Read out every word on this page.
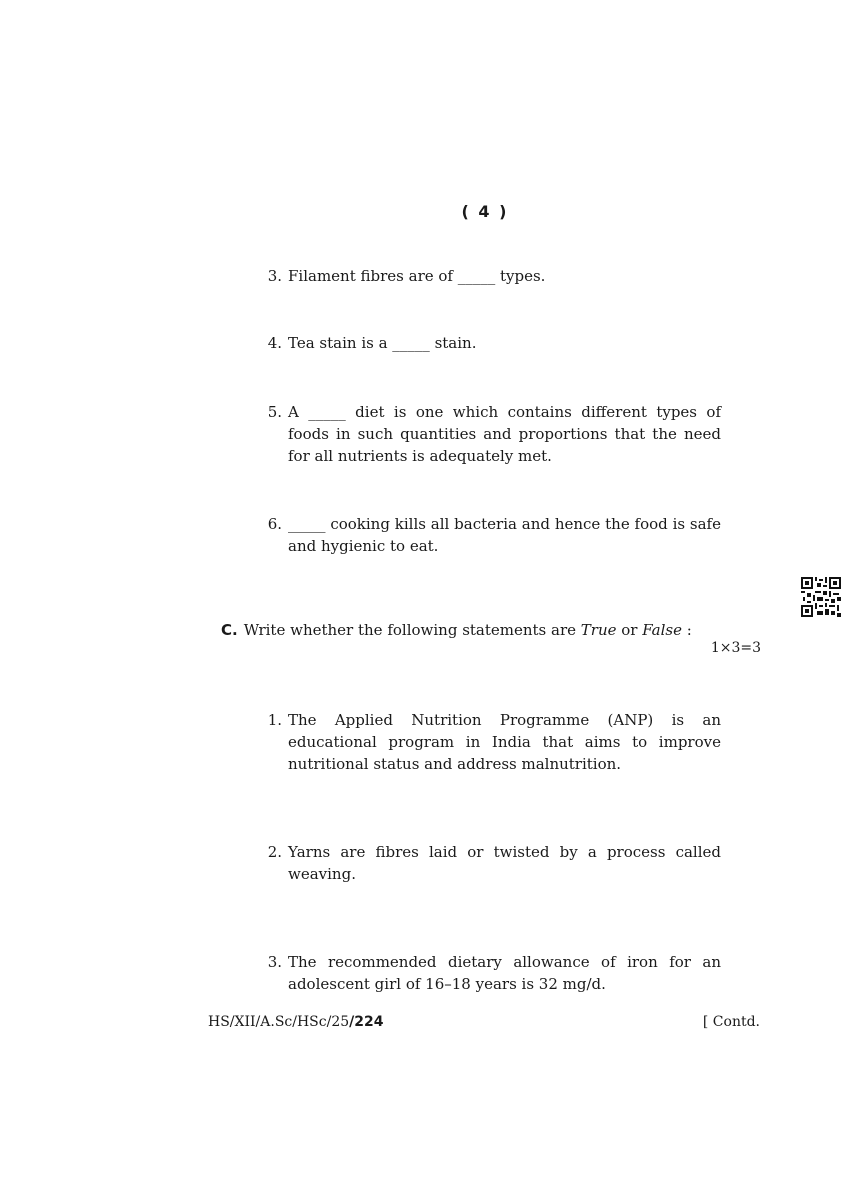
( 4 )
3. Filament fibres are of _____ types.
4. Tea stain is a _____ stain.
5. A _____ diet is one which contains different types of foods in such quantities and proportions that the need for all nutrients is adequately met.
6. _____ cooking kills all bacteria and hence the food is safe and hygienic to eat.
C. Write whether the following statements are True or False :
1×3=3
1. The Applied Nutrition Programme (ANP) is an educational program in India that aims to improve nutritional status and address malnutrition.
2. Yarns are fibres laid or twisted by a process called weaving.
3. The recommended dietary allowance of iron for an adolescent girl of 16–18 years is 32 mg/d.
HS/XII/A.Sc/HSc/25/224	[ Contd.
